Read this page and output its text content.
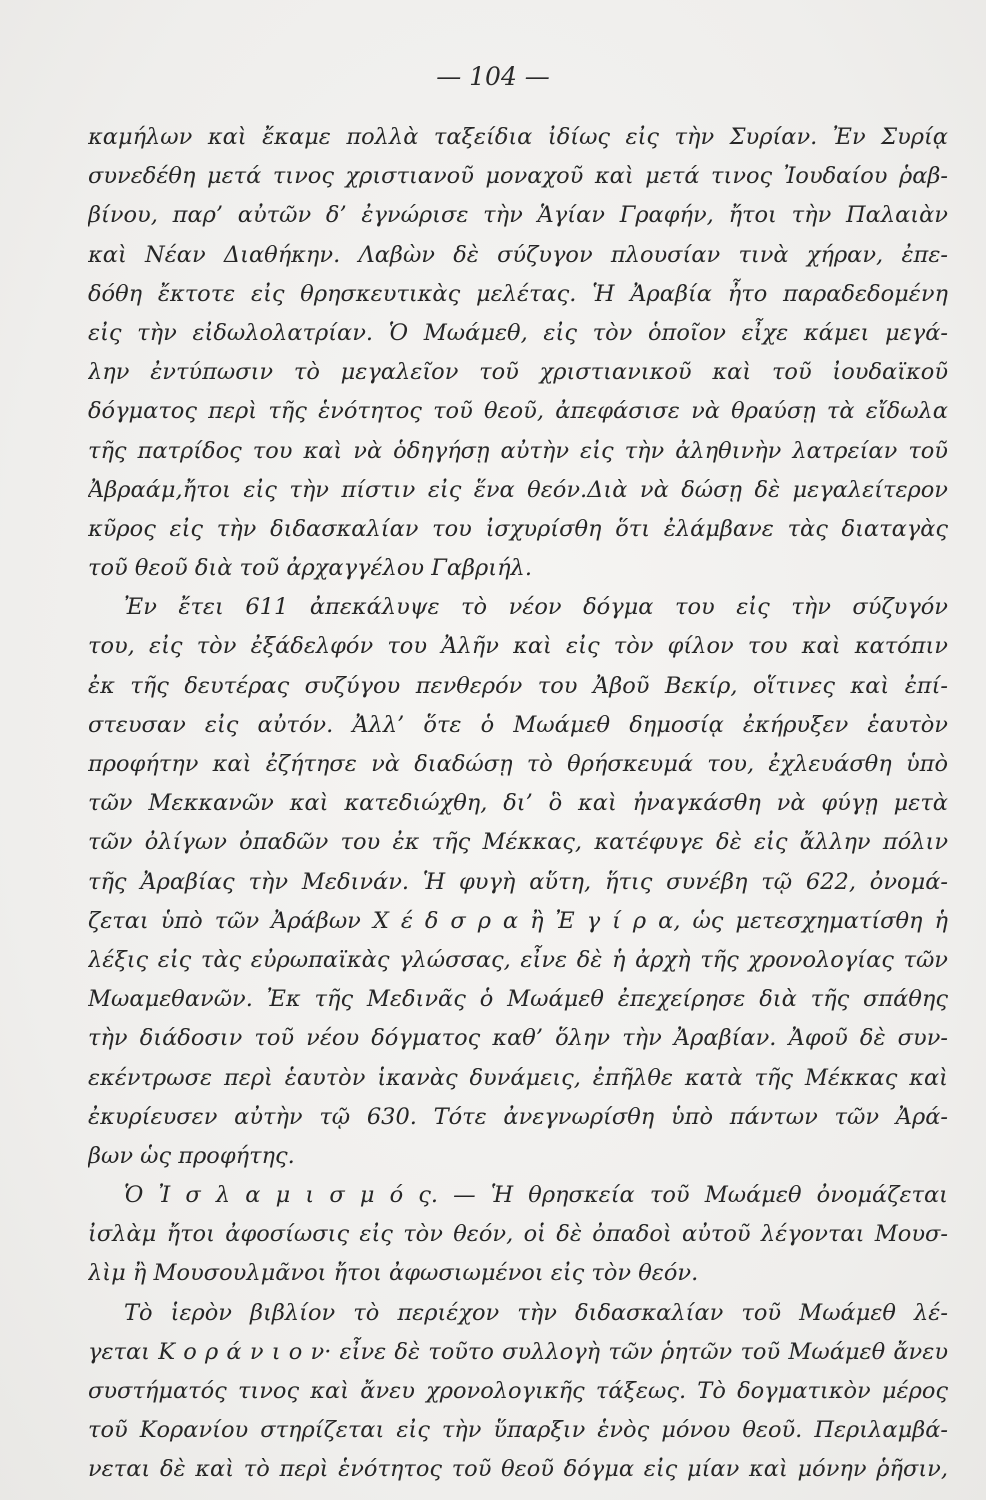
— 104 —
καμήλων καὶ ἔκαμε πολλὰ ταξείδια ἰδίως εἰς τὴν Συρίαν. Ἐν Συρίᾳ
συνεδέθη μετά τινος χριστιανοῦ μοναχοῦ καὶ μετά τινος Ἰουδαίου ῥαβ-
βίνου, παρ’ αὐτῶν δ’ ἐγνώρισε τὴν Ἁγίαν Γραφήν, ἤτοι τὴν Παλαιὰν
καὶ Νέαν Διαθήκην. Λαβὼν δὲ σύζυγον πλουσίαν τινὰ χήραν, ἐπε-
δόθη ἔκτοτε εἰς θρησκευτικὰς μελέτας. Ἡ Ἀραβία ἦτο παραδεδομένη
εἰς τὴν εἰδωλολατρίαν. Ὁ Μωάμεθ, εἰς τὸν ὁποῖον εἶχε κάμει μεγά-
λην ἐντύπωσιν τὸ μεγαλεῖον τοῦ χριστιανικοῦ καὶ τοῦ ἰουδαϊκοῦ
δόγματος περὶ τῆς ἑνότητος τοῦ θεοῦ, ἀπεφάσισε νὰ θραύσῃ τὰ εἴδωλα
τῆς πατρίδος του καὶ νὰ ὁδηγήσῃ αὐτὴν εἰς τὴν ἀληθινὴν λατρείαν τοῦ
Ἀβραάμ,ἤτοι εἰς τὴν πίστιν εἰς ἕνα θεόν.Διὰ νὰ δώσῃ δὲ μεγαλείτερον
κῦρος εἰς τὴν διδασκαλίαν του ἰσχυρίσθη ὅτι ἐλάμβανε τὰς διαταγὰς
τοῦ θεοῦ διὰ τοῦ ἀρχαγγέλου Γαβριήλ.
Ἐν ἔτει 611 ἀπεκάλυψε τὸ νέον δόγμα του εἰς τὴν σύζυγόν
του, εἰς τὸν ἐξάδελφόν του Ἀλῆν καὶ εἰς τὸν φίλον του καὶ κατόπιν
ἐκ τῆς δευτέρας συζύγου πενθερόν του Ἀβοῦ Βεκίρ, οἵτινες καὶ ἐπί-
στευσαν εἰς αὐτόν. Ἀλλ’ ὅτε ὁ Μωάμεθ δημοσίᾳ ἐκήρυξεν ἑαυτὸν
προφήτην καὶ ἐζήτησε νὰ διαδώσῃ τὸ θρήσκευμά του, ἐχλευάσθη ὑπὸ
τῶν Μεκκανῶν καὶ κατεδιώχθη, δι’ ὃ καὶ ἠναγκάσθη νὰ φύγῃ μετὰ
τῶν ὀλίγων ὀπαδῶν του ἐκ τῆς Μέκκας, κατέφυγε δὲ εἰς ἄλλην πόλιν
τῆς Ἀραβίας τὴν Μεδινάν. Ἡ φυγὴ αὕτη, ἥτις συνέβη τῷ 622, ὀνομά-
ζεται ὑπὸ τῶν Ἀράβων Χ έ δ σ ρ α ἢ Ἐ γ ί ρ α, ὡς μετεσχηματίσθη ἡ
λέξις εἰς τὰς εὐρωπαϊκὰς γλώσσας, εἶνε δὲ ἡ ἀρχὴ τῆς χρονολογίας τῶν
Μωαμεθανῶν. Ἐκ τῆς Μεδινᾶς ὁ Μωάμεθ ἐπεχείρησε διὰ τῆς σπάθης
τὴν διάδοσιν τοῦ νέου δόγματος καθ’ ὅλην τὴν Ἀραβίαν. Ἀφοῦ δὲ συν-
εκέντρωσε περὶ ἑαυτὸν ἱκανὰς δυνάμεις, ἐπῆλθε κατὰ τῆς Μέκκας καὶ
ἐκυρίευσεν αὐτὴν τῷ 630. Τότε ἀνεγνωρίσθη ὑπὸ πάντων τῶν Ἀρά-
βων ὡς προφήτης.
Ὁ Ἰ σ λ α μ ι σ μ ό ς. — Ἡ θρησκεία τοῦ Μωάμεθ ὀνομάζεται
ἰσλὰμ ἤτοι ἀφοσίωσις εἰς τὸν θεόν, οἱ δὲ ὀπαδοὶ αὐτοῦ λέγονται Μουσ-
λὶμ ἢ Μουσουλμᾶνοι ἤτοι ἀφωσιωμένοι εἰς τὸν θεόν.
Τὸ ἱερὸν βιβλίον τὸ περιέχον τὴν διδασκαλίαν τοῦ Μωάμεθ λέ-
γεται Κ ο ρ ά ν ι ο ν· εἶνε δὲ τοῦτο συλλογὴ τῶν ῥητῶν τοῦ Μωάμεθ ἄνευ
συστήματός τινος καὶ ἄνευ χρονολογικῆς τάξεως. Τὸ δογματικὸν μέρος
τοῦ Κορανίου στηρίζεται εἰς τὴν ὕπαρξιν ἑνὸς μόνου θεοῦ. Περιλαμβά-
νεται δὲ καὶ τὸ περὶ ἑνότητος τοῦ θεοῦ δόγμα εἰς μίαν καὶ μόνην ῥῆσιν,
